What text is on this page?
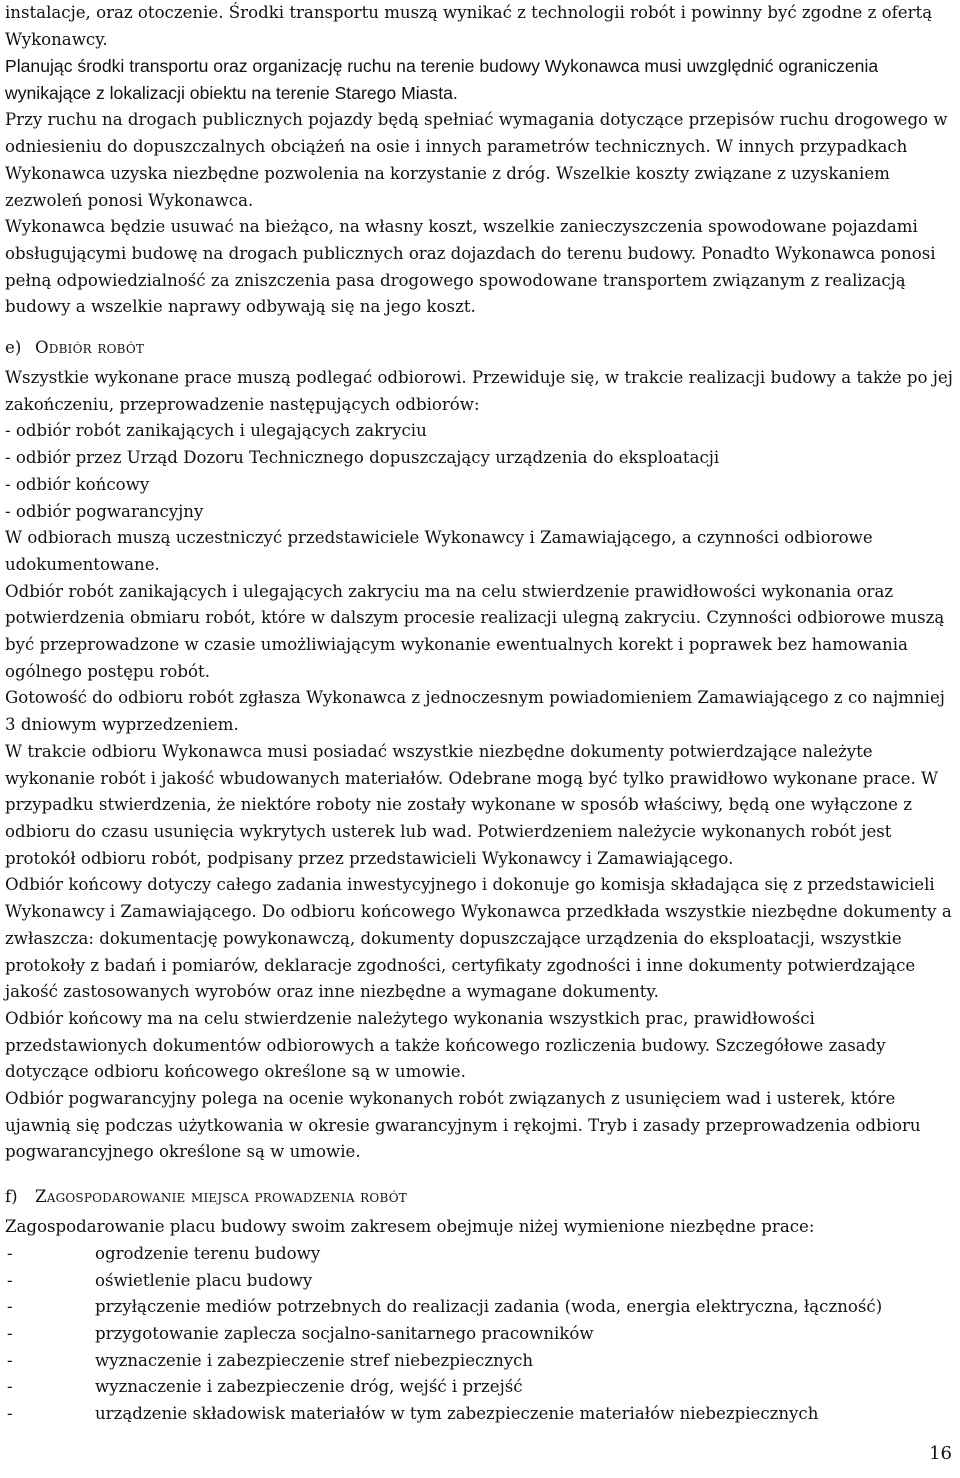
instalacje, oraz otoczenie. Środki transportu muszą wynikać z technologii robót i powinny być zgodne z ofertą Wykonawcy.

Planując środki transportu oraz organizację ruchu na terenie budowy Wykonawca musi uwzględnić ograniczenia wynikające z lokalizacji obiektu na terenie Starego Miasta.

Przy ruchu na drogach publicznych pojazdy będą spełniać wymagania dotyczące przepisów ruchu drogowego w odniesieniu do dopuszczalnych obciążeń na osie i innych parametrów technicznych. W innych przypadkach Wykonawca uzyska niezbędne pozwolenia na korzystanie z dróg. Wszelkie koszty związane z uzyskaniem zezwoleń ponosi Wykonawca.

Wykonawca będzie usuwać na bieżąco, na własny koszt, wszelkie zanieczyszczenia spowodowane pojazdami obsługującymi budowę na drogach publicznych oraz dojazdach do terenu budowy. Ponadto Wykonawca ponosi pełną odpowiedzialność za zniszczenia pasa drogowego spowodowane transportem związanym z realizacją budowy a wszelkie naprawy odbywają się na jego koszt.

e) Odbiór robót

Wszystkie wykonane prace muszą podlegać odbiorowi. Przewiduje się, w trakcie realizacji budowy a także po jej zakończeniu, przeprowadzenie następujących odbiorów:

- odbiór robót zanikających i ulegających zakryciu

- odbiór przez Urząd Dozoru Technicznego dopuszczający urządzenia do eksploatacji

- odbiór końcowy

- odbiór pogwarancyjny

W odbiorach muszą uczestniczyć przedstawiciele Wykonawcy i Zamawiającego, a czynności odbiorowe udokumentowane.

Odbiór robót zanikających i ulegających zakryciu ma na celu stwierdzenie prawidłowości wykonania oraz potwierdzenia obmiaru robót, które w dalszym procesie realizacji ulegną zakryciu. Czynności odbiorowe muszą być przeprowadzone w czasie umożliwiającym wykonanie ewentualnych korekt i poprawek bez hamowania ogólnego postępu robót.

Gotowość do odbioru robót zgłasza Wykonawca z jednoczesnym powiadomieniem Zamawiającego z co najmniej 3 dniowym wyprzedzeniem.

W trakcie odbioru Wykonawca musi posiadać wszystkie niezbędne dokumenty potwierdzające należyte wykonanie robót i jakość wbudowanych materiałów. Odebrane mogą być tylko prawidłowo wykonane prace. W przypadku stwierdzenia, że niektóre roboty nie zostały wykonane w sposób właściwy, będą one wyłączone z odbioru do czasu usunięcia wykrytych usterek lub wad. Potwierdzeniem należycie wykonanych robót jest protokół odbioru robót, podpisany przez przedstawicieli Wykonawcy i Zamawiającego.

Odbiór końcowy dotyczy całego zadania inwestycyjnego i dokonuje go komisja składająca się z przedstawicieli Wykonawcy i Zamawiającego. Do odbioru końcowego Wykonawca przedkłada wszystkie niezbędne dokumenty a zwłaszcza: dokumentację powykonawczą, dokumenty dopuszczające urządzenia do eksploatacji, wszystkie protokoły z badań i pomiarów, deklaracje zgodności, certyfikaty zgodności i inne dokumenty potwierdzające jakość zastosowanych wyrobów oraz inne niezbędne a wymagane dokumenty.

Odbiór końcowy ma na celu stwierdzenie należytego wykonania wszystkich prac, prawidłowości przedstawionych dokumentów odbiorowych a także końcowego rozliczenia budowy. Szczegółowe zasady dotyczące odbioru końcowego określone są w umowie.

Odbiór pogwarancyjny polega na ocenie wykonanych robót związanych z usunięciem wad i usterek, które ujawnią się podczas użytkowania w okresie gwarancyjnym i rękojmi. Tryb i zasady przeprowadzenia odbioru pogwarancyjnego określone są w umowie.

f) Zagospodarowanie miejsca prowadzenia robót

Zagospodarowanie placu budowy swoim zakresem obejmuje niżej wymienione niezbędne prace:

-	ogrodzenie terenu budowy
-	oświetlenie placu budowy
-	przyłączenie mediów potrzebnych do realizacji zadania (woda, energia elektryczna, łączność)
-	przygotowanie zaplecza socjalno-sanitarnego pracowników
-	wyznaczenie i zabezpieczenie stref niebezpiecznych
-	wyznaczenie i zabezpieczenie dróg, wejść i przejść
-	urządzenie składowisk materiałów w tym zabezpieczenie materiałów niebezpiecznych
16
